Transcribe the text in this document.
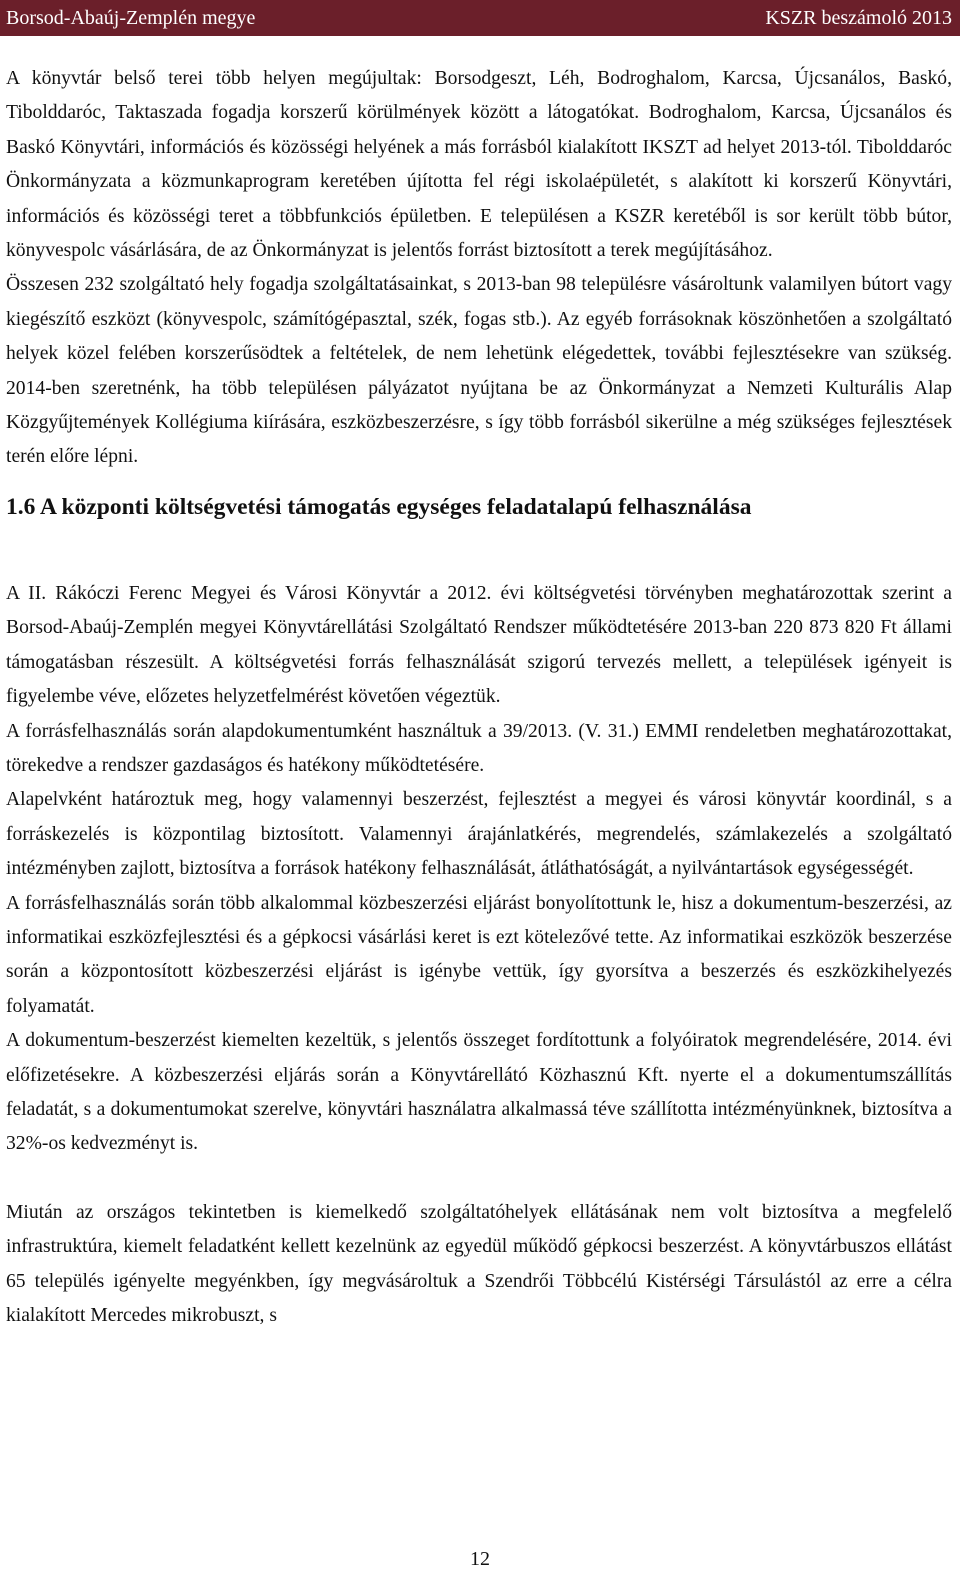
Borsod-Abaúj-Zemplén megye	KSZR beszámoló 2013

A könyvtár belső terei több helyen megújultak: Borsodgeszt, Léh, Bodroghalom, Karcsa, Újcsanálos, Baskó, Tibolddaróc, Taktaszada fogadja korszerű körülmények között a látogatókat. Bodroghalom, Karcsa, Újcsanálos és Baskó Könyvtári, információs és közösségi helyének a más forrásból kialakított IKSZT ad helyet 2013-tól. Tibolddaróc Önkormányzata a közmunkaprogram keretében újította fel régi iskolaépületét, s alakított ki korszerű Könyvtári, információs és közösségi teret a többfunkciós épületben. E településen a KSZR keretéből is sor került több bútor, könyvespolc vásárlására, de az Önkormányzat is jelentős forrást biztosított a terek megújításához.

Összesen 232 szolgáltató hely fogadja szolgáltatásainkat, s 2013-ban 98 településre vásároltunk valamilyen bútort vagy kiegészítő eszközt (könyvespolc, számítógépasztal, szék, fogas stb.). Az egyéb forrásoknak köszönhetően a szolgáltató helyek közel felében korszerűsödtek a feltételek, de nem lehetünk elégedettek, további fejlesztésekre van szükség. 2014-ben szeretnénk, ha több településen pályázatot nyújtana be az Önkormányzat a Nemzeti Kulturális Alap Közgyűjtemények Kollégiuma kiírására, eszközbeszerzésre, s így több forrásból sikerülne a még szükséges fejlesztések terén előre lépni.

1.6 A központi költségvetési támogatás egységes feladatalapú felhasználása

A II. Rákóczi Ferenc Megyei és Városi Könyvtár a 2012. évi költségvetési törvényben meghatározottak szerint a Borsod-Abaúj-Zemplén megyei Könyvtárellátási Szolgáltató Rendszer működtetésére 2013-ban 220 873 820 Ft állami támogatásban részesült. A költségvetési forrás felhasználását szigorú tervezés mellett, a települések igényeit is figyelembe véve, előzetes helyzetfelmérést követően végeztük.

A forrásfelhasználás során alapdokumentumként használtuk a 39/2013. (V. 31.) EMMI rendeletben meghatározottakat, törekedve a rendszer gazdaságos és hatékony működtetésére.

Alapelvként határoztuk meg, hogy valamennyi beszerzést, fejlesztést a megyei és városi könyvtár koordinál, s a forráskezelés is központilag biztosított. Valamennyi árajánlatkérés, megrendelés, számlakezelés a szolgáltató intézményben zajlott, biztosítva a források hatékony felhasználását, átláthatóságát, a nyilvántartások egységességét.

A forrásfelhasználás során több alkalommal közbeszerzési eljárást bonyolítottunk le, hisz a dokumentum-beszerzési, az informatikai eszközfejlesztési és a gépkocsi vásárlási keret is ezt kötelezővé tette. Az informatikai eszközök beszerzése során a központosított közbeszerzési eljárást is igénybe vettük, így gyorsítva a beszerzés és eszközkihelyezés folyamatát.

A dokumentum-beszerzést kiemelten kezeltük, s jelentős összeget fordítottunk a folyóiratok megrendelésére, 2014. évi előfizetésekre. A közbeszerzési eljárás során a Könyvtárellátó Közhasznú Kft. nyerte el a dokumentumszállítás feladatát, s a dokumentumokat szerelve, könyvtári használatra alkalmassá téve szállította intézményünknek, biztosítva a 32%-os kedvezményt is.

Miután az országos tekintetben is kiemelkedő szolgáltatóhelyek ellátásának nem volt biztosítva a megfelelő infrastruktúra, kiemelt feladatként kellett kezelnünk az egyedül működő gépkocsi beszerzést. A könyvtárbuszos ellátást 65 település igényelte megyénkben, így megvásároltuk a Szendrői Többcélú Kistérségi Társulástól az erre a célra kialakított Mercedes mikrobuszt, s

12
